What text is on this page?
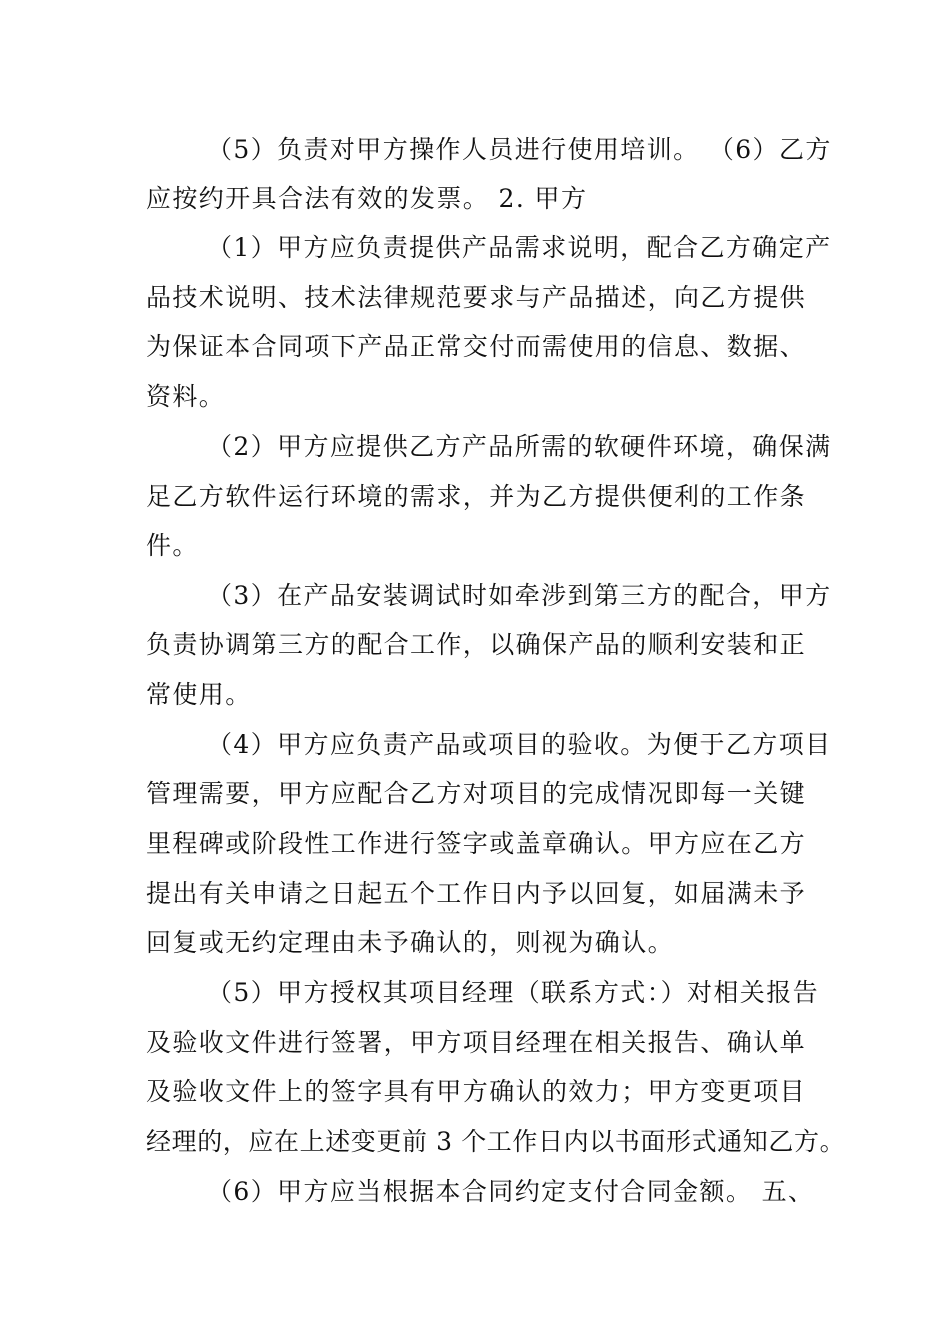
（5）负责对甲方操作人员进行使用培训。 （6）乙方
应按约开具合法有效的发票。 2. 甲方
（1）甲方应负责提供产品需求说明，配合乙方确定产
品技术说明、技术法律规范要求与产品描述，向乙方提供
为保证本合同项下产品正常交付而需使用的信息、数据、
资料。
（2）甲方应提供乙方产品所需的软硬件环境，确保满
足乙方软件运行环境的需求，并为乙方提供便利的工作条
件。
（3）在产品安装调试时如牵涉到第三方的配合，甲方
负责协调第三方的配合工作，以确保产品的顺利安装和正
常使用。
（4）甲方应负责产品或项目的验收。为便于乙方项目
管理需要，甲方应配合乙方对项目的完成情况即每一关键
里程碑或阶段性工作进行签字或盖章确认。甲方应在乙方
提出有关申请之日起五个工作日内予以回复，如届满未予
回复或无约定理由未予确认的，则视为确认。
（5）甲方授权其项目经理（联系方式：）对相关报告
及验收文件进行签署，甲方项目经理在相关报告、确认单
及验收文件上的签字具有甲方确认的效力；甲方变更项目
经理的，应在上述变更前 3 个工作日内以书面形式通知乙方。
（6）甲方应当根据本合同约定支付合同金额。 五、
